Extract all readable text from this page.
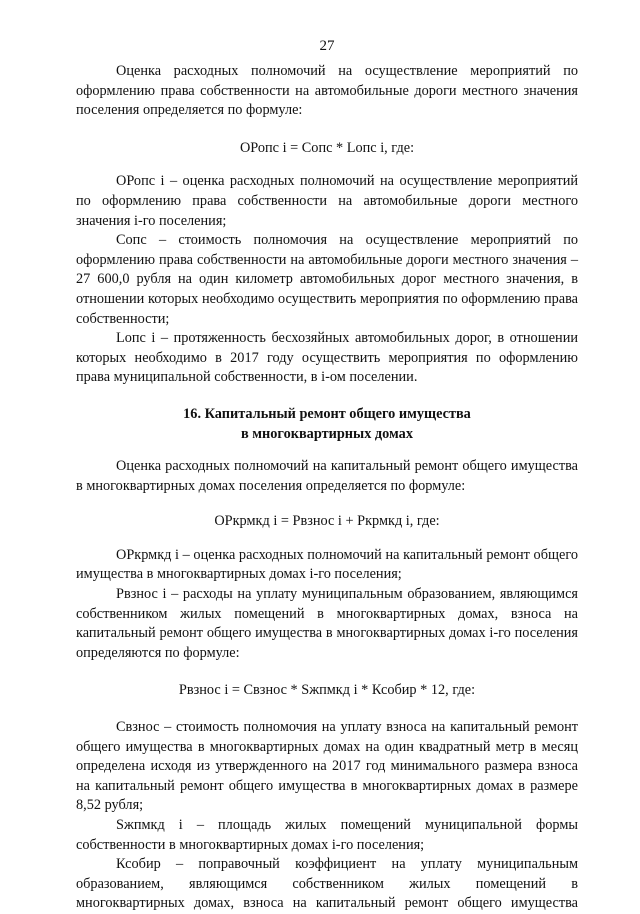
27

Оценка расходных полномочий на осуществление мероприятий по оформлению права собственности на автомобильные дороги местного значения поселения определяется по формуле:

ОРопс i = Сопс * Lопс i, где:

ОРопс i – оценка расходных полномочий на осуществление мероприятий по оформлению права собственности на автомобильные дороги местного значения i-го поселения;

Сопс – стоимость полномочия на осуществление мероприятий по оформлению права собственности на автомобильные дороги местного значения – 27 600,0 рубля на один километр автомобильных дорог местного значения, в отношении которых необходимо осуществить мероприятия по оформлению права собственности;

Lопс i – протяженность бесхозяйных автомобильных дорог, в отношении которых необходимо в 2017 году осуществить мероприятия по оформлению права муниципальной собственности, в i-ом поселении.

16. Капитальный ремонт общего имущества
в многоквартирных домах

Оценка расходных полномочий на капитальный ремонт общего имущества в многоквартирных домах поселения определяется по формуле:

ОРкрмкд i = Рвзнос i + Ркрмкд i, где:

ОРкрмкд i – оценка расходных полномочий на капитальный ремонт общего имущества в многоквартирных домах i-го поселения;

Рвзнос i – расходы на уплату муниципальным образованием, являющимся собственником жилых помещений в многоквартирных домах, взноса на капитальный ремонт общего имущества в многоквартирных домах i-го поселения определяются по формуле:

Рвзнос i = Свзнос * Sжпмкд i * Ксобир * 12, где:

Свзнос – стоимость полномочия на уплату взноса на капитальный ремонт общего имущества в многоквартирных домах на один квадратный метр в месяц определена исходя из утвержденного на 2017 год минимального размера взноса на капитальный ремонт общего имущества в многоквартирных домах в размере 8,52 рубля;

Sжпмкд i – площадь жилых помещений муниципальной формы собственности в многоквартирных домах i-го поселения;

Ксобир – поправочный коэффициент на уплату муниципальным образованием, являющимся собственником жилых помещений в многоквартирных домах, взноса на капитальный ремонт общего имущества
